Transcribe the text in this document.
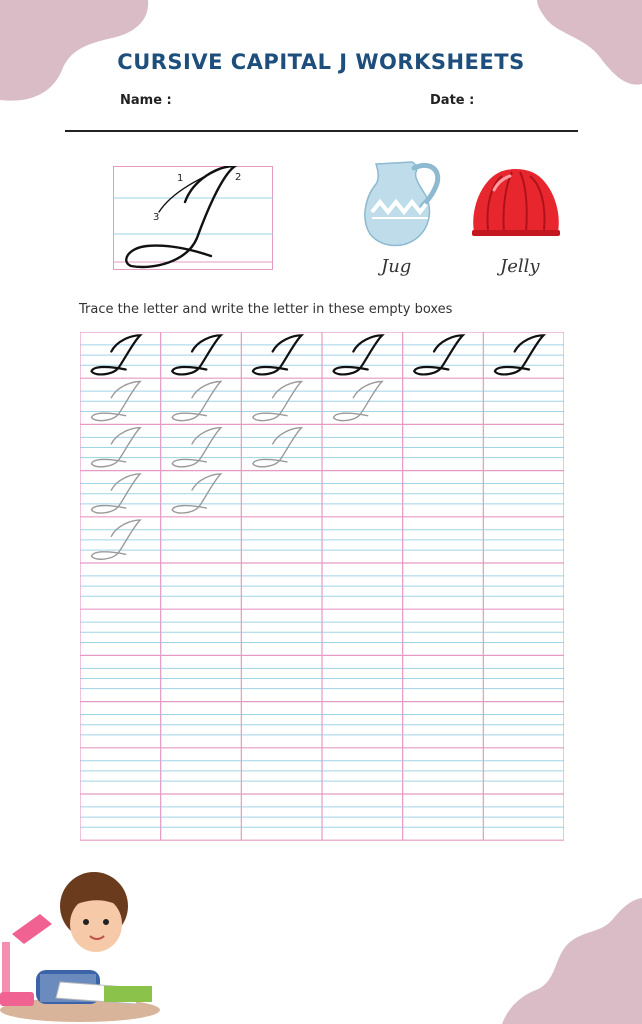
CURSIVE CAPITAL J WORKSHEETS
Name :	Date :
1	2
3
Jug	Jelly
Trace the letter and write the letter in these empty boxes
